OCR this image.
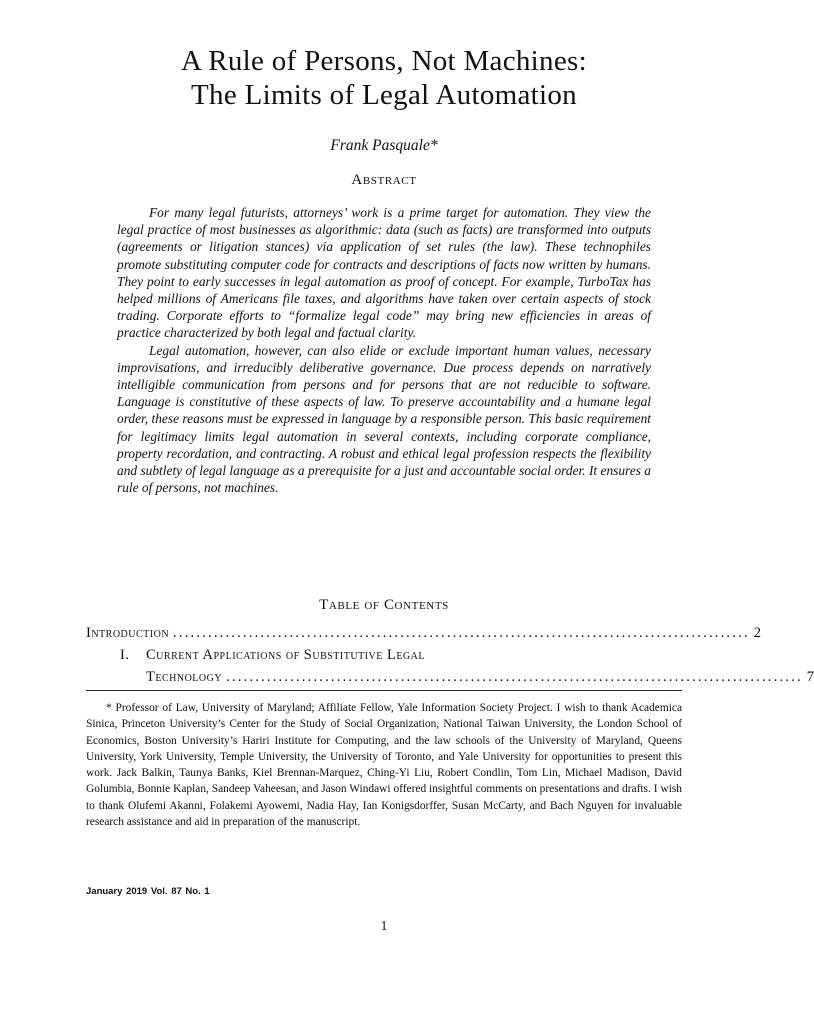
A Rule of Persons, Not Machines:
The Limits of Legal Automation
Frank Pasquale*
Abstract

For many legal futurists, attorneys’ work is a prime target for automation. They view the legal practice of most businesses as algorithmic: data (such as facts) are transformed into outputs (agreements or litigation stances) via application of set rules (the law). These technophiles promote substituting computer code for contracts and descriptions of facts now written by humans. They point to early successes in legal automation as proof of concept. For example, TurboTax has helped millions of Americans file taxes, and algorithms have taken over certain aspects of stock trading. Corporate efforts to “formalize legal code” may bring new efficiencies in areas of practice characterized by both legal and factual clarity.

Legal automation, however, can also elide or exclude important human values, necessary improvisations, and irreducibly deliberative governance. Due process depends on narratively intelligible communication from persons and for persons that are not reducible to software. Language is constitutive of these aspects of law. To preserve accountability and a humane legal order, these reasons must be expressed in language by a responsible person. This basic requirement for legitimacy limits legal automation in several contexts, including corporate compliance, property recordation, and contracting. A robust and ethical legal profession respects the flexibility and subtlety of legal language as a prerequisite for a just and accountable social order. It ensures a rule of persons, not machines.

Table of Contents
Introduction ................................................................................................... 2
I. Current Applications of Substitutive Legal
Technology ................................................................................................... 7

* Professor of Law, University of Maryland; Affiliate Fellow, Yale Information Society Project. I wish to thank Academica Sinica, Princeton University’s Center for the Study of Social Organization, National Taiwan University, the London School of Economics, Boston University’s Hariri Institute for Computing, and the law schools of the University of Maryland, Queens University, York University, Temple University, the University of Toronto, and Yale University for opportunities to present this work. Jack Balkin, Taunya Banks, Kiel Brennan-Marquez, Ching-Yi Liu, Robert Condlin, Tom Lin, Michael Madison, David Golumbia, Bonnie Kaplan, Sandeep Vaheesan, and Jason Windawi offered insightful comments on presentations and drafts. I wish to thank Olufemi Akanni, Folakemi Ayowemi, Nadia Hay, Ian Konigsdorffer, Susan McCarty, and Bach Nguyen for invaluable research assistance and aid in preparation of the manuscript.

January 2019 Vol. 87 No. 1
1
